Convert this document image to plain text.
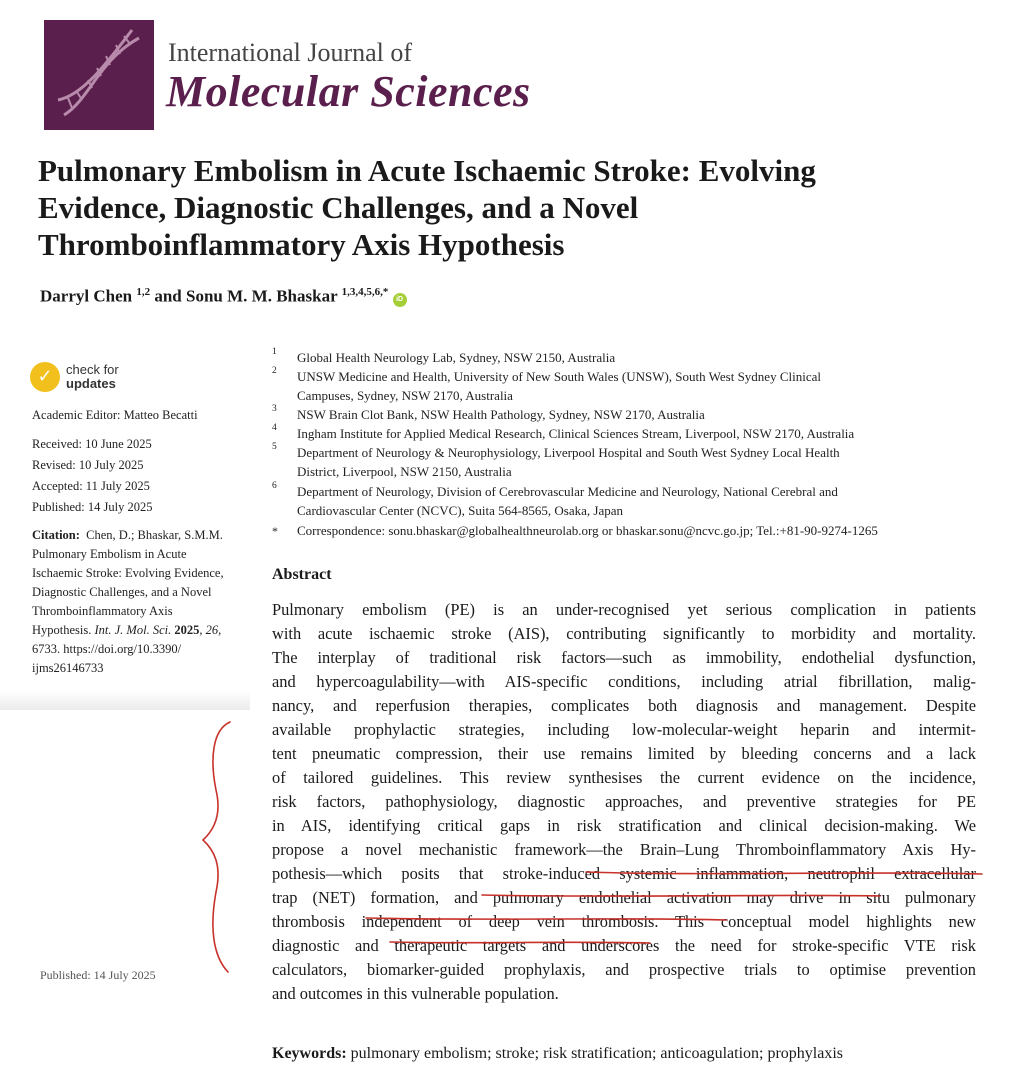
International Journal of
Molecular Sciences
Pulmonary Embolism in Acute Ischaemic Stroke: Evolving
Evidence, Diagnostic Challenges, and a Novel
Thromboinflammatory Axis Hypothesis
Darryl Chen $^{1,2}$ and Sonu M. M. Bhaskar $^{1,3,4,5,6,*}$ iD
✓	check for
updates
Academic Editor: Matteo Becatti
Received: 10 June 2025
Revised: 10 July 2025
Accepted: 11 July 2025
Published: 14 July 2025
Citation: Chen, D.; Bhaskar, S.M.M.
Pulmonary Embolism in Acute
Ischaemic Stroke: Evolving Evidence,
Diagnostic Challenges, and a Novel
Thromboinflammatory Axis
Hypothesis. Int. J. Mol. Sci. 2025, 26,
6733. https://doi.org/10.3390/
ijms26146733
Published: 14 July 2025
1 Global Health Neurology Lab, Sydney, NSW 2150, Australia
2 UNSW Medicine and Health, University of New South Wales (UNSW), South West Sydney Clinical
Campuses, Sydney, NSW 2170, Australia
3 NSW Brain Clot Bank, NSW Health Pathology, Sydney, NSW 2170, Australia
4 Ingham Institute for Applied Medical Research, Clinical Sciences Stream, Liverpool, NSW 2170, Australia
5 Department of Neurology & Neurophysiology, Liverpool Hospital and South West Sydney Local Health
District, Liverpool, NSW 2150, Australia
6 Department of Neurology, Division of Cerebrovascular Medicine and Neurology, National Cerebral and
Cardiovascular Center (NCVC), Suita 564-8565, Osaka, Japan
* Correspondence: sonu.bhaskar@globalhealthneurolab.org or bhaskar.sonu@ncvc.go.jp; Tel.:+81-90-9274-1265
Abstract
Pulmonary embolism (PE) is an under-recognised yet serious complication in patients
with acute ischaemic stroke (AIS), contributing significantly to morbidity and mortality.
The interplay of traditional risk factors—such as immobility, endothelial dysfunction,
and hypercoagulability—with AIS-specific conditions, including atrial fibrillation, malig-
nancy, and reperfusion therapies, complicates both diagnosis and management. Despite
available prophylactic strategies, including low-molecular-weight heparin and intermit-
tent pneumatic compression, their use remains limited by bleeding concerns and a lack
of tailored guidelines. This review synthesises the current evidence on the incidence,
risk factors, pathophysiology, diagnostic approaches, and preventive strategies for PE
in AIS, identifying critical gaps in risk stratification and clinical decision-making. We
propose a novel mechanistic framework—the Brain–Lung Thromboinflammatory Axis Hy-
pothesis—which posits that stroke-induced systemic inflammation, neutrophil extracellular
trap (NET) formation, and pulmonary endothelial activation may drive in situ pulmonary
thrombosis independent of deep vein thrombosis. This conceptual model highlights new
diagnostic and therapeutic targets and underscores the need for stroke-specific VTE risk
calculators, biomarker-guided prophylaxis, and prospective trials to optimise prevention
and outcomes in this vulnerable population.
Keywords: pulmonary embolism; stroke; risk stratification; anticoagulation; prophylaxis
